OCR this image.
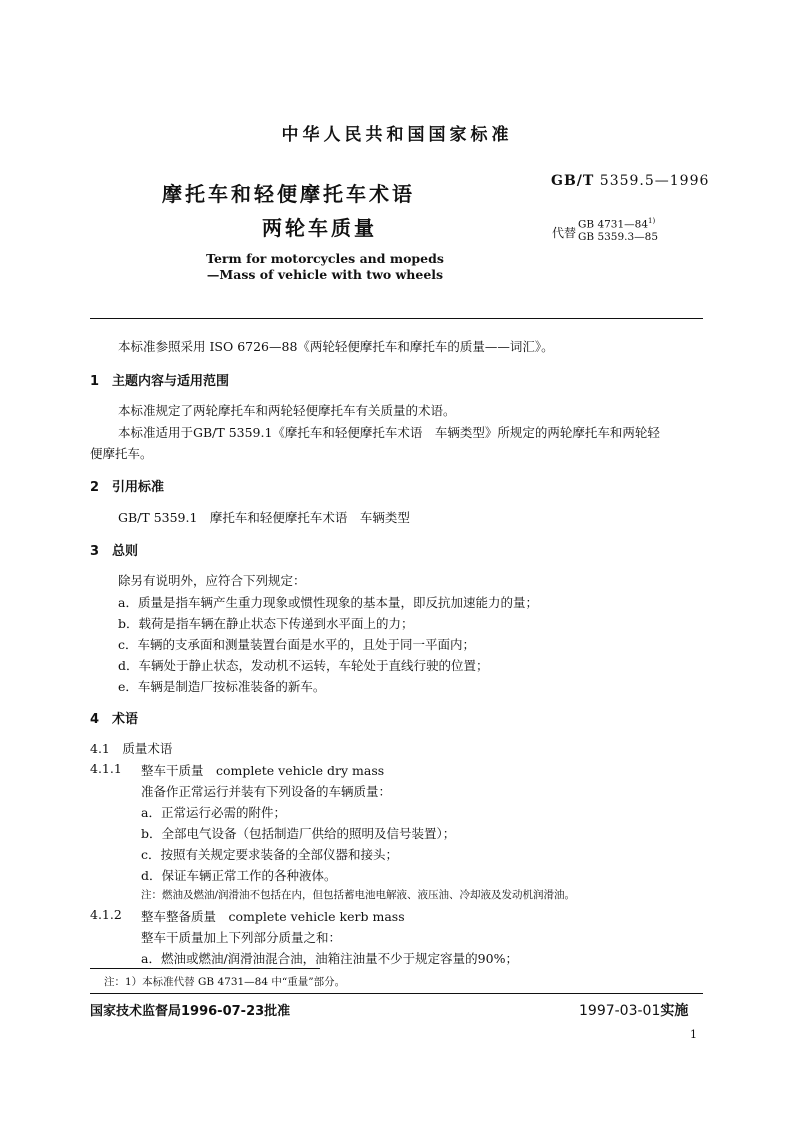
中华人民共和国国家标准
摩托车和轻便摩托车术语
两轮车质量
Term for motorcycles and mopeds
—Mass of vehicle with two wheels
GB/T 5359.5—1996
代替
GB 4731—84$^{1)}$
GB 5359.3—85
本标准参照采用 ISO 6726—88《两轮轻便摩托车和摩托车的质量——词汇》。
1　主题内容与适用范围
本标准规定了两轮摩托车和两轮轻便摩托车有关质量的术语。
本标准适用于GB/T 5359.1《摩托车和轻便摩托车术语　车辆类型》所规定的两轮摩托车和两轮轻
便摩托车。
2　引用标准
GB/T 5359.1　摩托车和轻便摩托车术语　车辆类型
3　总则
除另有说明外，应符合下列规定：
a．质量是指车辆产生重力现象或惯性现象的基本量，即反抗加速能力的量；
b．载荷是指车辆在静止状态下传递到水平面上的力；
c．车辆的支承面和测量装置台面是水平的，且处于同一平面内；
d．车辆处于静止状态，发动机不运转，车轮处于直线行驶的位置；
e．车辆是制造厂按标准装备的新车。
4　术语
4.1　质量术语
4.1.1 整车干质量　complete vehicle dry mass
准备作正常运行并装有下列设备的车辆质量：
a．正常运行必需的附件；
b．全部电气设备（包括制造厂供给的照明及信号装置）；
c．按照有关规定要求装备的全部仪器和接头；
d．保证车辆正常工作的各种液体。
注：燃油及燃油/润滑油不包括在内，但包括蓄电池电解液、液压油、冷却液及发动机润滑油。
4.1.2 整车整备质量　complete vehicle kerb mass
整车干质量加上下列部分质量之和：
a．燃油或燃油/润滑油混合油，油箱注油量不少于规定容量的90%；
注：1）本标准代替 GB 4731—84 中“重量”部分。
国家技术监督局1996-07-23批准	1997-03-01实施
1
